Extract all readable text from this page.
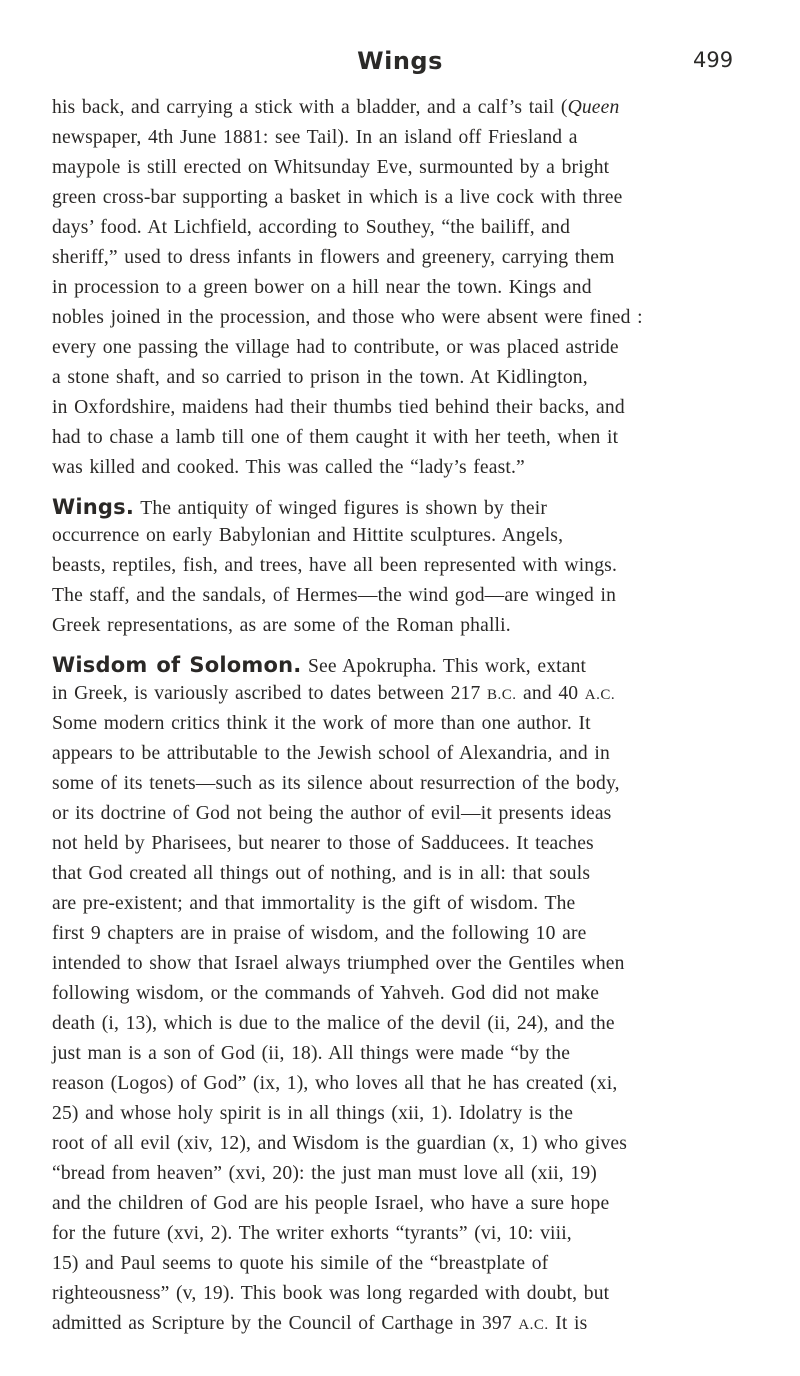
Wings	499
his back, and carrying a stick with a bladder, and a calf’s tail (Queen
newspaper, 4th June 1881: see Tail). In an island off Friesland a
maypole is still erected on Whitsunday Eve, surmounted by a bright
green cross-bar supporting a basket in which is a live cock with three
days’ food. At Lichfield, according to Southey, “the bailiff, and
sheriff,” used to dress infants in flowers and greenery, carrying them
in procession to a green bower on a hill near the town. Kings and
nobles joined in the procession, and those who were absent were fined :
every one passing the village had to contribute, or was placed astride
a stone shaft, and so carried to prison in the town. At Kidlington,
in Oxfordshire, maidens had their thumbs tied behind their backs, and
had to chase a lamb till one of them caught it with her teeth, when it
was killed and cooked. This was called the “lady’s feast.”
Wings. The antiquity of winged figures is shown by their
occurrence on early Babylonian and Hittite sculptures. Angels,
beasts, reptiles, fish, and trees, have all been represented with wings.
The staff, and the sandals, of Hermes—the wind god—are winged in
Greek representations, as are some of the Roman phalli.
Wisdom of Solomon. See Apokrupha. This work, extant
in Greek, is variously ascribed to dates between 217 B.C. and 40 A.C.
Some modern critics think it the work of more than one author. It
appears to be attributable to the Jewish school of Alexandria, and in
some of its tenets—such as its silence about resurrection of the body,
or its doctrine of God not being the author of evil—it presents ideas
not held by Pharisees, but nearer to those of Sadducees. It teaches
that God created all things out of nothing, and is in all: that souls
are pre-existent; and that immortality is the gift of wisdom. The
first 9 chapters are in praise of wisdom, and the following 10 are
intended to show that Israel always triumphed over the Gentiles when
following wisdom, or the commands of Yahveh. God did not make
death (i, 13), which is due to the malice of the devil (ii, 24), and the
just man is a son of God (ii, 18). All things were made “by the
reason (Logos) of God” (ix, 1), who loves all that he has created (xi,
25) and whose holy spirit is in all things (xii, 1). Idolatry is the
root of all evil (xiv, 12), and Wisdom is the guardian (x, 1) who gives
“bread from heaven” (xvi, 20): the just man must love all (xii, 19)
and the children of God are his people Israel, who have a sure hope
for the future (xvi, 2). The writer exhorts “tyrants” (vi, 10: viii,
15) and Paul seems to quote his simile of the “breastplate of
righteousness” (v, 19). This book was long regarded with doubt, but
admitted as Scripture by the Council of Carthage in 397 A.C. It is
